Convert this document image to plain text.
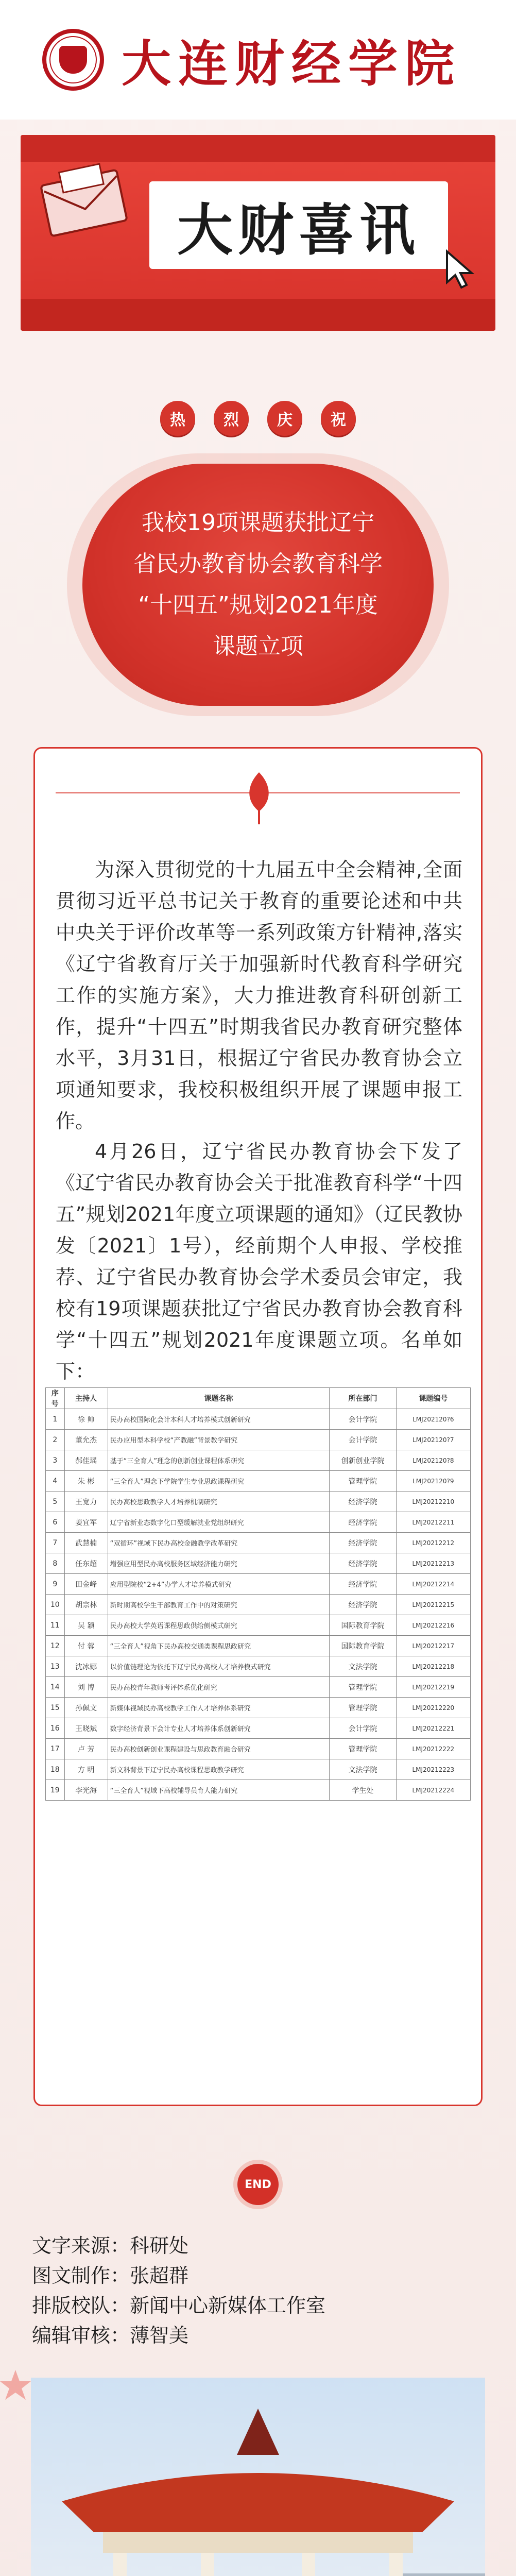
大连财经学院
大财喜讯
热	烈	庆	祝
我校19项课题获批辽宁
省民办教育协会教育科学
“十四五”规划2021年度
课题立项

为深入贯彻党的十九届五中全会精神,全面贯彻习近平总书记关于教育的重要论述和中共中央关于评价改革等一系列政策方针精神,落实《辽宁省教育厅关于加强新时代教育科学研究工作的实施方案》，大力推进教育科研创新工作，提升“十四五”时期我省民办教育研究整体水平，3月31日，根据辽宁省民办教育协会立项通知要求，我校积极组织开展了课题申报工作。

4月26日，辽宁省民办教育协会下发了《辽宁省民办教育协会关于批准教育科学“十四五”规划2021年度立项课题的通知》（辽民教协发〔2021〕1号），经前期个人申报、学校推荐、辽宁省民办教育协会学术委员会审定，我校有19项课题获批辽宁省民办教育协会教育科学“十四五”规划2021年度课题立项。名单如下：

序号	主持人	课题名称	所在部门	课题编号
1	徐 帅	民办高校国际化会计本科人才培养模式创新研究	会计学院	LMJ202120?6
2	董允杰	民办应用型本科学校“产教融”背景教学研究	会计学院	LMJ202120?7
3	郝佳瑶	基于“三全育人”理念的创新创业课程体系研究	创新创业学院	LMJ202120?8
4	朱 彬	“三全育人”理念下学院学生专业思政课程研究	管理学院	LMJ202120?9
5	王宽力	民办高校思政教学人才培养机制研究	经济学院	LMJ20212210
6	姜宜军	辽宁省新业态数字化口型缓解就业党组织研究	经济学院	LMJ20212211
7	武慧楠	“双循环”视域下民办高校金融教学改革研究	经济学院	LMJ20212212
8	任东超	增强应用型民办高校服务区域经济能力研究	经济学院	LMJ20212213
9	田金峰	应用型院校“2+4”办学人才培养模式研究	经济学院	LMJ20212214
10	胡宗林	新时期高校学生干部教育工作中的对策研究	经济学院	LMJ20212215
11	吴 颖	民办高校大学英语课程思政供给侧模式研究	国际教育学院	LMJ20212216
12	付 蓉	“三全育人”视角下民办高校交通类课程思政研究	国际教育学院	LMJ20212217
13	沈冰娜	以价值链理论为依托下辽宁民办高校人才培养模式研究	文法学院	LMJ20212218
14	刘 博	民办高校青年教师考评体系优化研究	管理学院	LMJ20212219
15	孙佩文	新媒体视域民办高校教学工作人才培养体系研究	管理学院	LMJ20212220
16	王晓斌	数字经济背景下会计专业人才培养体系创新研究	会计学院	LMJ20212221
17	卢 芳	民办高校创新创业课程建设与思政教育融合研究	管理学院	LMJ20212222
18	方 明	新文科背景下辽宁民办高校课程思政教学研究	文法学院	LMJ20212223
19	李光海	“三全育人”视域下高校辅导员育人能力研究	学生处	LMJ20212224
END
文字来源：科研处
图文制作：张超群
排版校队：新闻中心新媒体工作室
编辑审核：薄智美
